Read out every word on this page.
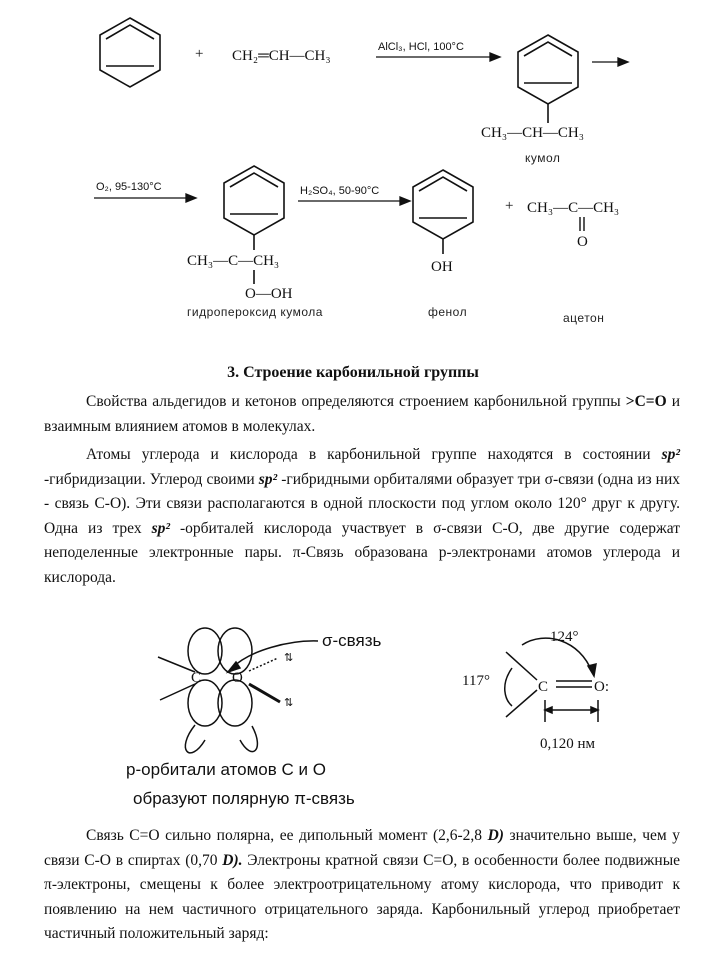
+ CH₂═CH—CH₃
AlCl₃, HCl, 100°C
CH₃—CH—CH₃
кумол
O₂, 95-130°C
CH₃—C—CH₃
O—OH
гидропероксид кумола
H₂SO₄, 50-90°C
OH
фенол
+ CH₃—C—CH₃
O
ацетон
C O
⇅
⇅
σ-связь
p-орбитали атомов C и O
образуют полярную π-связь
124°
117°	C	O:
0,120 нм
3. Строение карбонильной группы

Свойства альдегидов и кетонов определяются строением карбонильной группы >C=O и взаимным влиянием атомов в молекулах.

Атомы углерода и кислорода в карбонильной группе находятся в состоянии sp² -гибридизации. Углерод своими sp² -гибридными орбиталями образует три σ-связи (одна из них - связь C-O). Эти связи располагаются в одной плоскости под углом около 120° друг к другу. Одна из трех sp² -орбиталей кислорода участвует в σ-связи C-O, две другие содержат неподеленные электронные пары. π-Связь образована p-электронами атомов углерода и кислорода.

Связь C=O сильно полярна, ее дипольный момент (2,6-2,8 D) значительно выше, чем у связи C-O в спиртах (0,70 D). Электроны кратной связи C=O, в особенности более подвижные π-электроны, смещены к более электроотрицательному атому кислорода, что приводит к появлению на нем частичного отрицательного заряда. Карбонильный углерод приобретает частичный положительный заряд:
